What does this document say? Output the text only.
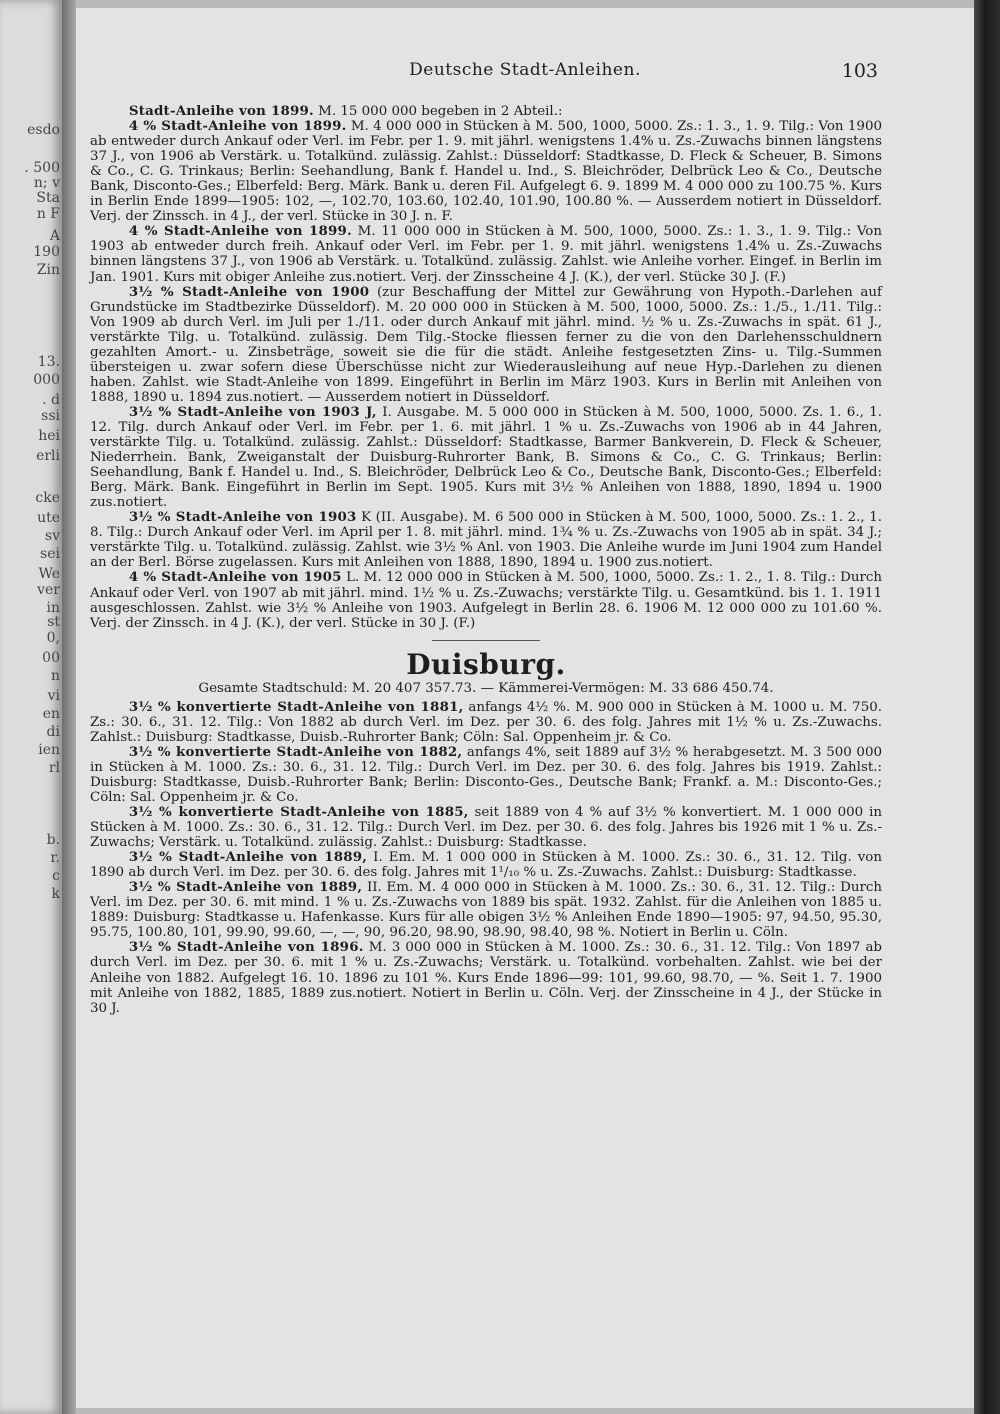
esdo
. 500
n; v
Sta
n F
A
190
Zin
13.
000
. d
ssi
hei
erli
cke
ute
sv
sei
We
ver
in
st
0,
00
n
vi
en
di
ien
rl
b.
r.
c
k
Deutsche Stadt-Anleihen.	103

Stadt-Anleihe von 1899. M. 15 000 000 begeben in 2 Abteil.:

4 % Stadt-Anleihe von 1899. M. 4 000 000 in Stücken à M. 500, 1000, 5000. Zs.: 1. 3., 1. 9. Tilg.: Von 1900 ab entweder durch Ankauf oder Verl. im Febr. per 1. 9. mit jährl. wenigstens 1.4% u. Zs.-Zuwachs binnen längstens 37 J., von 1906 ab Verstärk. u. Totalkünd. zulässig. Zahlst.: Düsseldorf: Stadtkasse, D. Fleck & Scheuer, B. Simons & Co., C. G. Trinkaus; Berlin: Seehandlung, Bank f. Handel u. Ind., S. Bleichröder, Delbrück Leo & Co., Deutsche Bank, Disconto-Ges.; Elberfeld: Berg. Märk. Bank u. deren Fil. Aufgelegt 6. 9. 1899 M. 4 000 000 zu 100.75 %. Kurs in Berlin Ende 1899—1905: 102, —, 102.70, 103.60, 102.40, 101.90, 100.80 %. — Ausserdem notiert in Düsseldorf. Verj. der Zinssch. in 4 J., der verl. Stücke in 30 J. n. F.

4 % Stadt-Anleihe von 1899. M. 11 000 000 in Stücken à M. 500, 1000, 5000. Zs.: 1. 3., 1. 9. Tilg.: Von 1903 ab entweder durch freih. Ankauf oder Verl. im Febr. per 1. 9. mit jährl. wenigstens 1.4% u. Zs.-Zuwachs binnen längstens 37 J., von 1906 ab Verstärk. u. Totalkünd. zulässig. Zahlst. wie Anleihe vorher. Eingef. in Berlin im Jan. 1901. Kurs mit obiger Anleihe zus.notiert. Verj. der Zinsscheine 4 J. (K.), der verl. Stücke 30 J. (F.)

3½ % Stadt-Anleihe von 1900 (zur Beschaffung der Mittel zur Gewährung von Hypoth.-Darlehen auf Grundstücke im Stadtbezirke Düsseldorf). M. 20 000 000 in Stücken à M. 500, 1000, 5000. Zs.: 1./5., 1./11. Tilg.: Von 1909 ab durch Verl. im Juli per 1./11. oder durch Ankauf mit jährl. mind. ½ % u. Zs.-Zuwachs in spät. 61 J., verstärkte Tilg. u. Totalkünd. zulässig. Dem Tilg.-Stocke fliessen ferner zu die von den Darlehensschuldnern gezahlten Amort.- u. Zinsbeträge, soweit sie die für die städt. Anleihe festgesetzten Zins- u. Tilg.-Summen übersteigen u. zwar sofern diese Überschüsse nicht zur Wiederausleihung auf neue Hyp.-Darlehen zu dienen haben. Zahlst. wie Stadt-Anleihe von 1899. Eingeführt in Berlin im März 1903. Kurs in Berlin mit Anleihen von 1888, 1890 u. 1894 zus.notiert. — Ausserdem notiert in Düsseldorf.

3½ % Stadt-Anleihe von 1903 J, I. Ausgabe. M. 5 000 000 in Stücken à M. 500, 1000, 5000. Zs. 1. 6., 1. 12. Tilg. durch Ankauf oder Verl. im Febr. per 1. 6. mit jährl. 1 % u. Zs.-Zuwachs von 1906 ab in 44 Jahren, verstärkte Tilg. u. Totalkünd. zulässig. Zahlst.: Düsseldorf: Stadtkasse, Barmer Bankverein, D. Fleck & Scheuer, Niederrhein. Bank, Zweiganstalt der Duisburg-Ruhrorter Bank, B. Simons & Co., C. G. Trinkaus; Berlin: Seehandlung, Bank f. Handel u. Ind., S. Bleichröder, Delbrück Leo & Co., Deutsche Bank, Disconto-Ges.; Elberfeld: Berg. Märk. Bank. Eingeführt in Berlin im Sept. 1905. Kurs mit 3½ % Anleihen von 1888, 1890, 1894 u. 1900 zus.notiert.

3½ % Stadt-Anleihe von 1903 K (II. Ausgabe). M. 6 500 000 in Stücken à M. 500, 1000, 5000. Zs.: 1. 2., 1. 8. Tilg.: Durch Ankauf oder Verl. im April per 1. 8. mit jährl. mind. 1¾ % u. Zs.-Zuwachs von 1905 ab in spät. 34 J.; verstärkte Tilg. u. Totalkünd. zulässig. Zahlst. wie 3½ % Anl. von 1903. Die Anleihe wurde im Juni 1904 zum Handel an der Berl. Börse zugelassen. Kurs mit Anleihen von 1888, 1890, 1894 u. 1900 zus.notiert.

4 % Stadt-Anleihe von 1905 L. M. 12 000 000 in Stücken à M. 500, 1000, 5000. Zs.: 1. 2., 1. 8. Tilg.: Durch Ankauf oder Verl. von 1907 ab mit jährl. mind. 1½ % u. Zs.-Zuwachs; verstärkte Tilg. u. Gesamtkünd. bis 1. 1. 1911 ausgeschlossen. Zahlst. wie 3½ % Anleihe von 1903. Aufgelegt in Berlin 28. 6. 1906 M. 12 000 000 zu 101.60 %. Verj. der Zinssch. in 4 J. (K.), der verl. Stücke in 30 J. (F.)

Duisburg.

Gesamte Stadtschuld: M. 20 407 357.73. — Kämmerei-Vermögen: M. 33 686 450.74.

3½ % konvertierte Stadt-Anleihe von 1881, anfangs 4½ %. M. 900 000 in Stücken à M. 1000 u. M. 750. Zs.: 30. 6., 31. 12. Tilg.: Von 1882 ab durch Verl. im Dez. per 30. 6. des folg. Jahres mit 1½ % u. Zs.-Zuwachs. Zahlst.: Duisburg: Stadtkasse, Duisb.-Ruhrorter Bank; Cöln: Sal. Oppenheim jr. & Co.

3½ % konvertierte Stadt-Anleihe von 1882, anfangs 4%, seit 1889 auf 3½ % herabgesetzt. M. 3 500 000 in Stücken à M. 1000. Zs.: 30. 6., 31. 12. Tilg.: Durch Verl. im Dez. per 30. 6. des folg. Jahres bis 1919. Zahlst.: Duisburg: Stadtkasse, Duisb.-Ruhrorter Bank; Berlin: Disconto-Ges., Deutsche Bank; Frankf. a. M.: Disconto-Ges.; Cöln: Sal. Oppenheim jr. & Co.

3½ % konvertierte Stadt-Anleihe von 1885, seit 1889 von 4 % auf 3½ % konvertiert. M. 1 000 000 in Stücken à M. 1000. Zs.: 30. 6., 31. 12. Tilg.: Durch Verl. im Dez. per 30. 6. des folg. Jahres bis 1926 mit 1 % u. Zs.-Zuwachs; Verstärk. u. Totalkünd. zulässig. Zahlst.: Duisburg: Stadtkasse.

3½ % Stadt-Anleihe von 1889, I. Em. M. 1 000 000 in Stücken à M. 1000. Zs.: 30. 6., 31. 12. Tilg. von 1890 ab durch Verl. im Dez. per 30. 6. des folg. Jahres mit 1¹/₁₀ % u. Zs.-Zuwachs. Zahlst.: Duisburg: Stadtkasse.

3½ % Stadt-Anleihe von 1889, II. Em. M. 4 000 000 in Stücken à M. 1000. Zs.: 30. 6., 31. 12. Tilg.: Durch Verl. im Dez. per 30. 6. mit mind. 1 % u. Zs.-Zuwachs von 1889 bis spät. 1932. Zahlst. für die Anleihen von 1885 u. 1889: Duisburg: Stadtkasse u. Hafenkasse. Kurs für alle obigen 3½ % Anleihen Ende 1890—1905: 97, 94.50, 95.30, 95.75, 100.80, 101, 99.90, 99.60, —, —, 90, 96.20, 98.90, 98.90, 98.40, 98 %. Notiert in Berlin u. Cöln.

3½ % Stadt-Anleihe von 1896. M. 3 000 000 in Stücken à M. 1000. Zs.: 30. 6., 31. 12. Tilg.: Von 1897 ab durch Verl. im Dez. per 30. 6. mit 1 % u. Zs.-Zuwachs; Verstärk. u. Totalkünd. vorbehalten. Zahlst. wie bei der Anleihe von 1882. Aufgelegt 16. 10. 1896 zu 101 %. Kurs Ende 1896—99: 101, 99.60, 98.70, — %. Seit 1. 7. 1900 mit Anleihe von 1882, 1885, 1889 zus.notiert. Notiert in Berlin u. Cöln. Verj. der Zinsscheine in 4 J., der Stücke in 30 J.
